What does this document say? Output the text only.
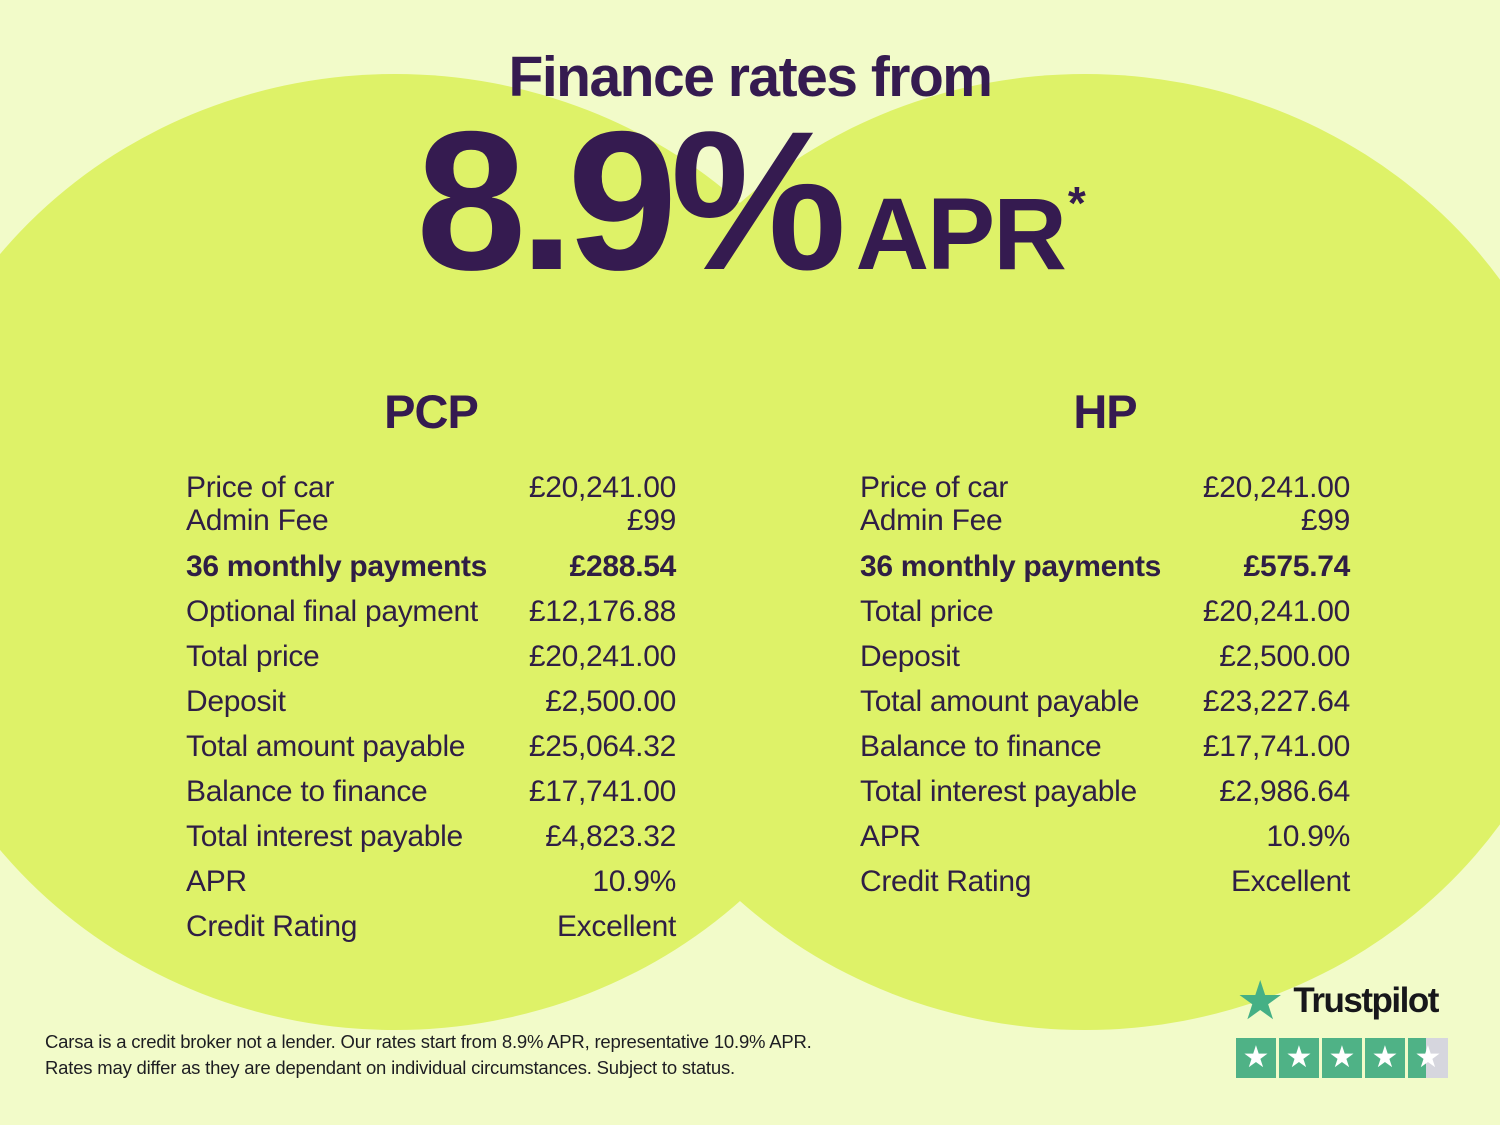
Finance rates from
8.9% APR*
PCP
Price of car	£20,241.00
Admin Fee	£99
36 monthly payments	£288.54
Optional final payment £12,176.88
Total price	£20,241.00
Deposit	£2,500.00
Total amount payable £25,064.32
Balance to finance	£17,741.00
Total interest payable	£4,823.32
APR	10.9%
Credit Rating	Excellent
HP
Price of car	£20,241.00
Admin Fee	£99
36 monthly payments	£575.74
Total price	£20,241.00
Deposit	£2,500.00
Total amount payable £23,227.64
Balance to finance	£17,741.00
Total interest payable	£2,986.64
APR	10.9%
Credit Rating	Excellent
Carsa is a credit broker not a lender. Our rates start from 8.9% APR, representative 10.9% APR.
Rates may differ as they are dependant on individual circumstances. Subject to status.
★
Trustpilot
★
★
★
★
★
